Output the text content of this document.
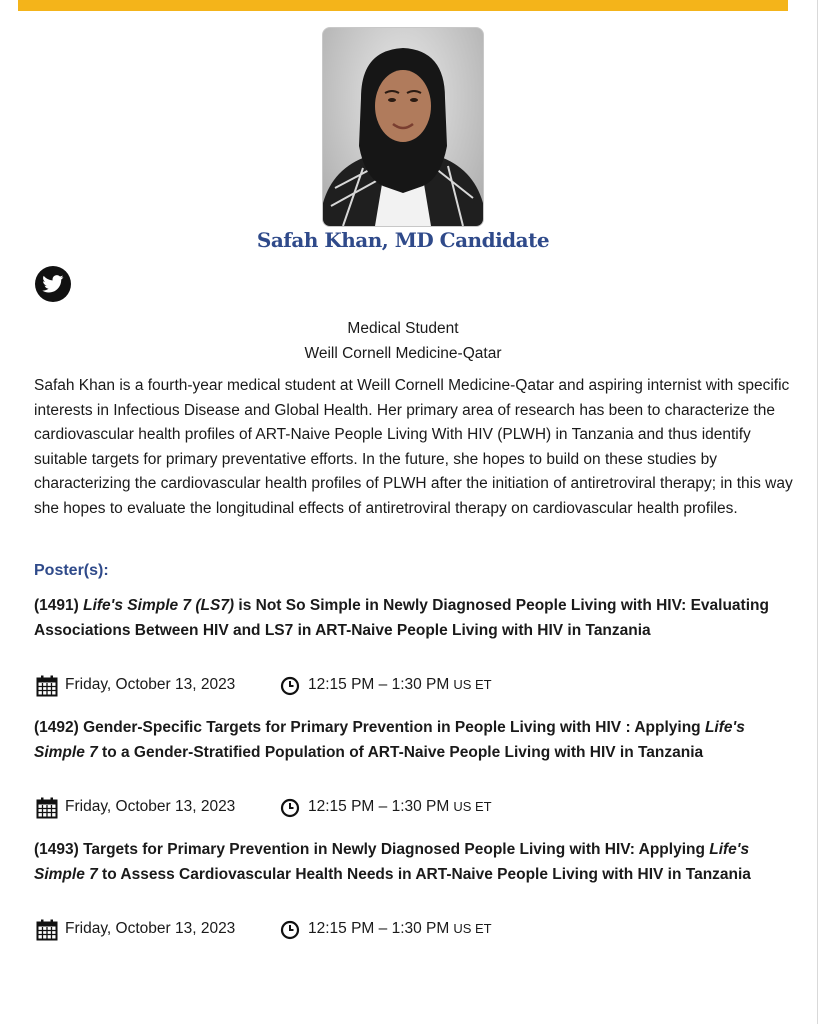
Safah Khan, MD Candidate
Medical Student
Weill Cornell Medicine-Qatar

Safah Khan is a fourth-year medical student at Weill Cornell Medicine-Qatar and aspiring internist with specific interests in Infectious Disease and Global Health. Her primary area of research has been to characterize the cardiovascular health profiles of ART-Naive People Living With HIV (PLWH) in Tanzania and thus identify suitable targets for primary preventative efforts. In the future, she hopes to build on these studies by characterizing the cardiovascular health profiles of PLWH after the initiation of antiretroviral therapy; in this way she hopes to evaluate the longitudinal effects of antiretroviral therapy on cardiovascular health profiles.

Poster(s):

(1491) Life's Simple 7 (LS7) is Not So Simple in Newly Diagnosed People Living with HIV: Evaluating Associations Between HIV and LS7 in ART-Naive People Living with HIV in Tanzania

Friday, October 13, 2023	12:15 PM – 1:30 PM US ET

(1492) Gender-Specific Targets for Primary Prevention in People Living with HIV : Applying Life's Simple 7 to a Gender-Stratified Population of ART-Naive People Living with HIV in Tanzania

Friday, October 13, 2023	12:15 PM – 1:30 PM US ET

(1493) Targets for Primary Prevention in Newly Diagnosed People Living with HIV: Applying Life's Simple 7 to Assess Cardiovascular Health Needs in ART-Naive People Living with HIV in Tanzania

Friday, October 13, 2023	12:15 PM – 1:30 PM US ET
